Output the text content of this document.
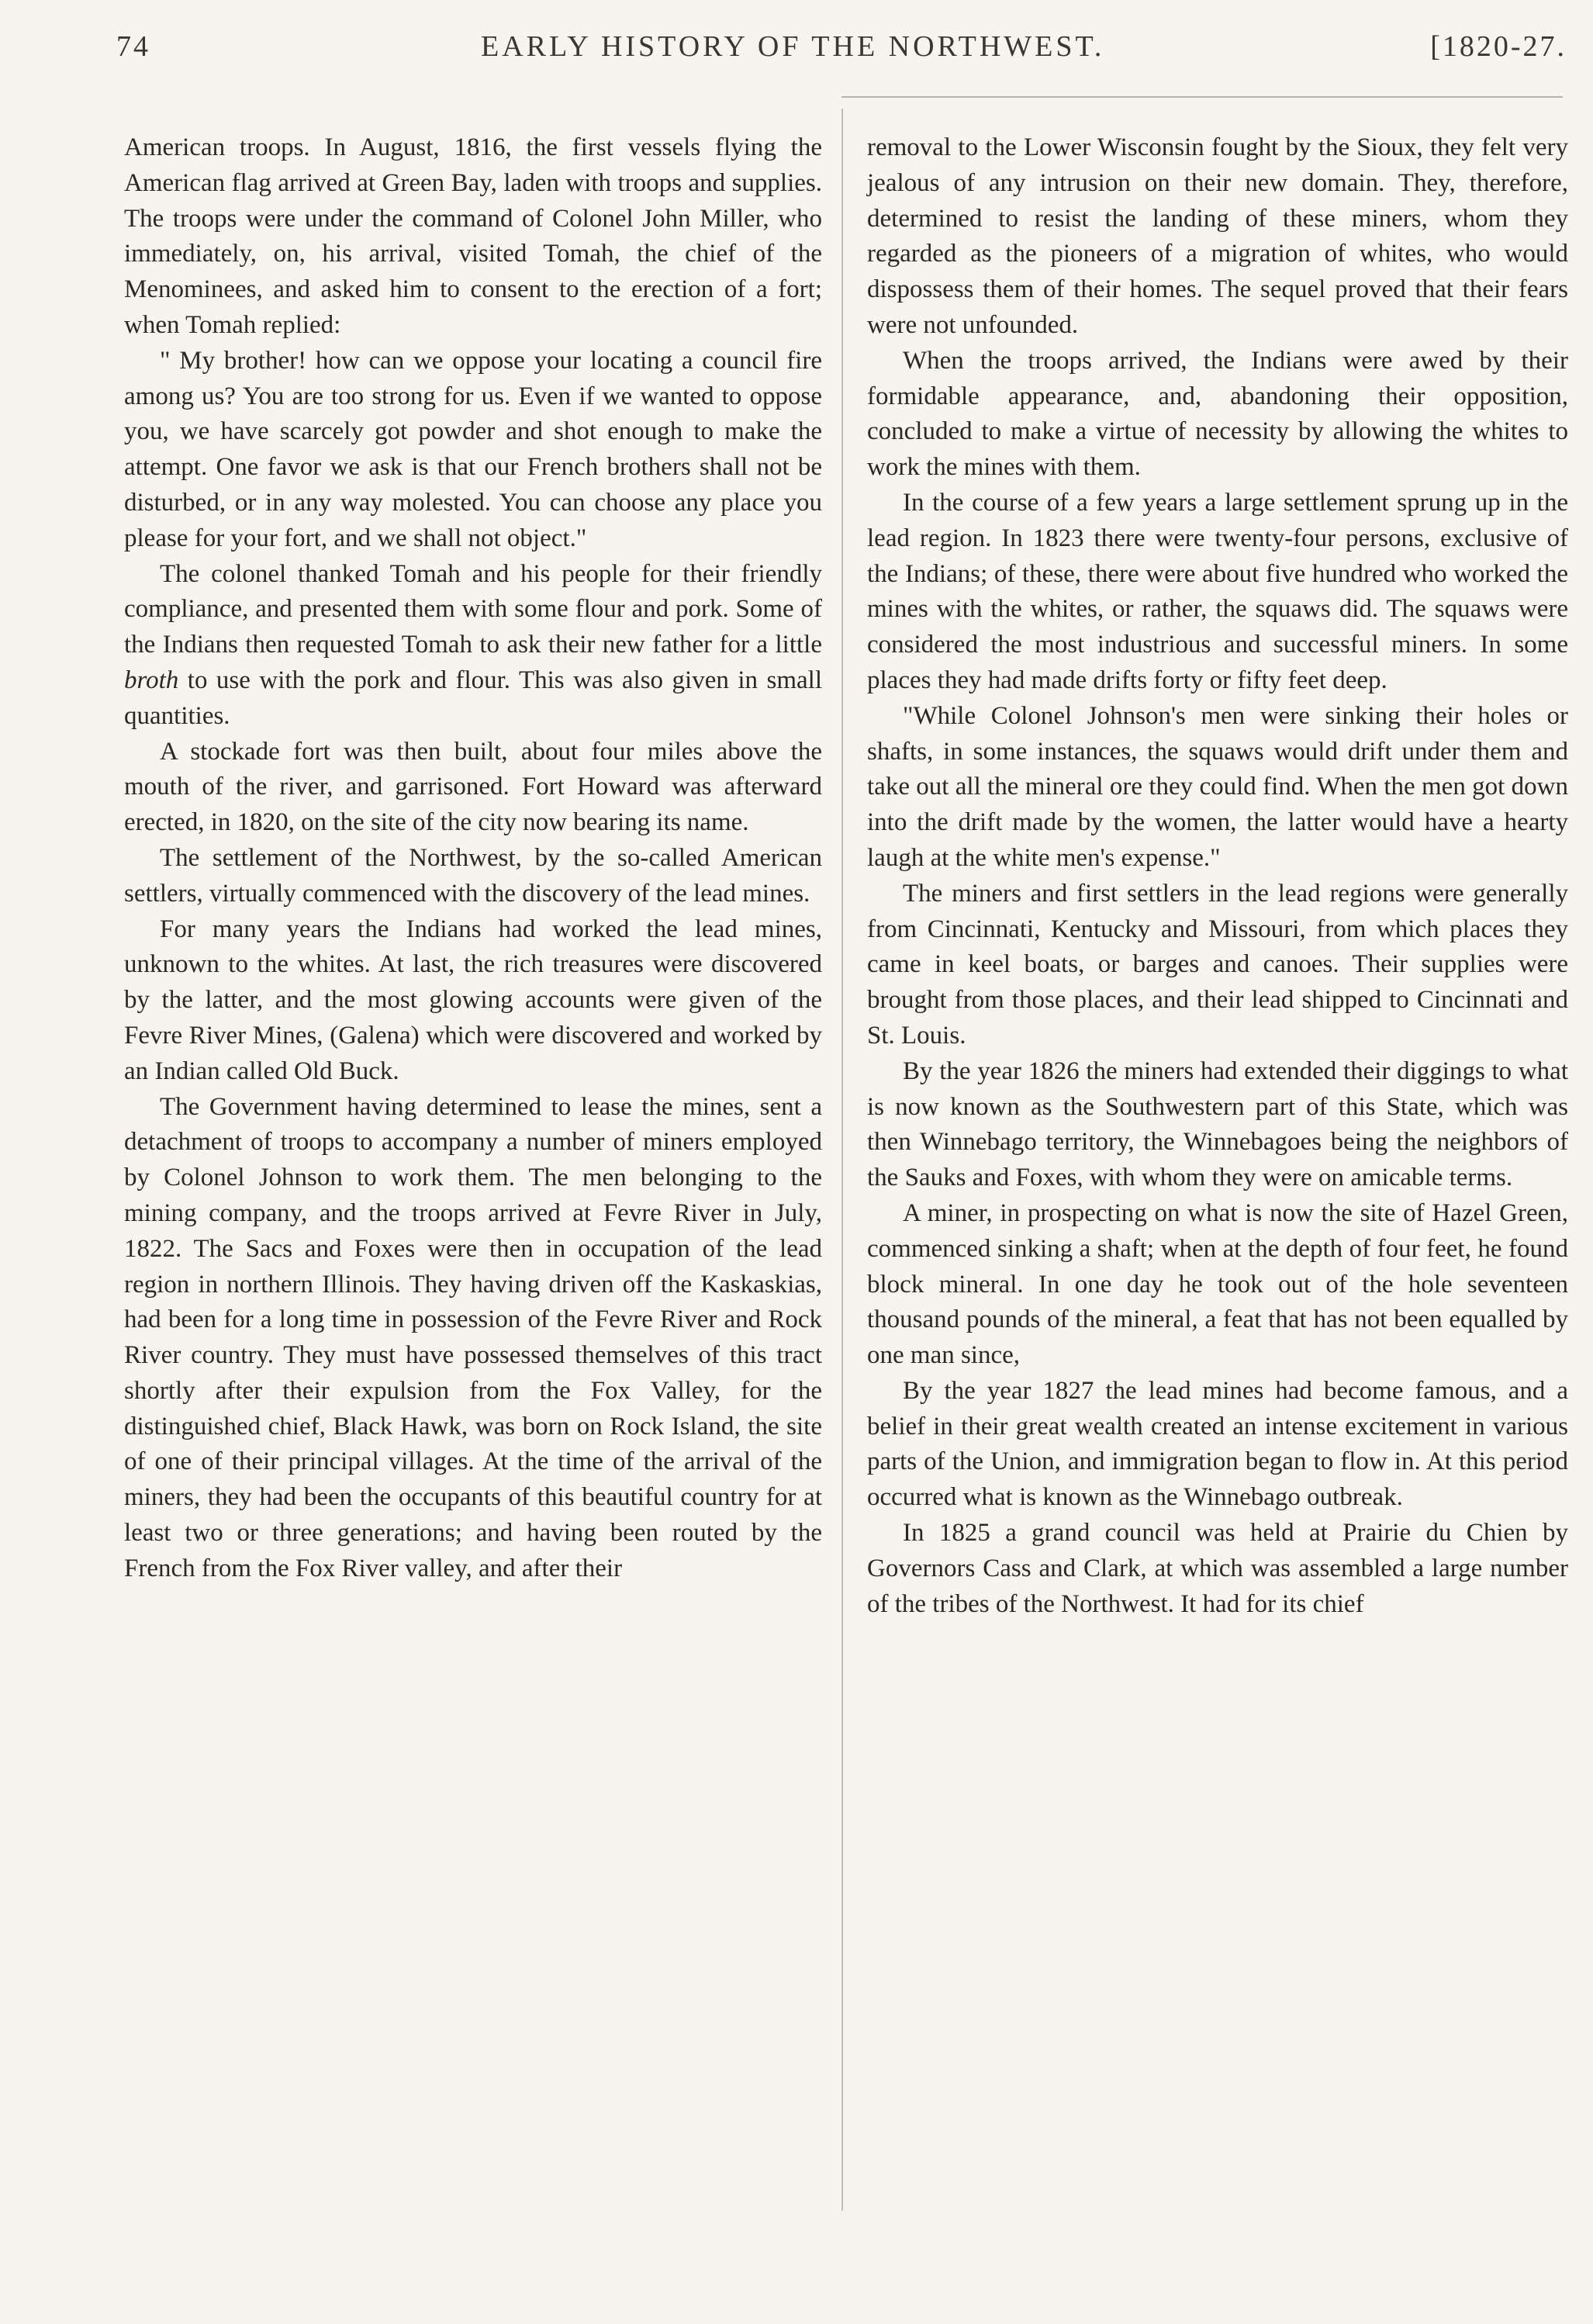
74	EARLY HISTORY OF THE NORTHWEST.	[1820-27.

American troops. In August, 1816, the first vessels flying the American flag arrived at Green Bay, laden with troops and supplies. The troops were under the command of Colonel John Miller, who immediately, on, his arrival, visited Tomah, the chief of the Menominees, and asked him to consent to the erection of a fort; when Tomah replied:

" My brother! how can we oppose your locating a council fire among us? You are too strong for us. Even if we wanted to oppose you, we have scarcely got powder and shot enough to make the attempt. One favor we ask is that our French brothers shall not be disturbed, or in any way molested. You can choose any place you please for your fort, and we shall not object."

The colonel thanked Tomah and his people for their friendly compliance, and presented them with some flour and pork. Some of the Indians then requested Tomah to ask their new father for a little broth to use with the pork and flour. This was also given in small quantities.

A stockade fort was then built, about four miles above the mouth of the river, and garrisoned. Fort Howard was afterward erected, in 1820, on the site of the city now bearing its name.

The settlement of the Northwest, by the so-called American settlers, virtually commenced with the discovery of the lead mines.

For many years the Indians had worked the lead mines, unknown to the whites. At last, the rich treasures were discovered by the latter, and the most glowing accounts were given of the Fevre River Mines, (Galena) which were discovered and worked by an Indian called Old Buck.

The Government having determined to lease the mines, sent a detachment of troops to accompany a number of miners employed by Colonel Johnson to work them. The men belonging to the mining company, and the troops arrived at Fevre River in July, 1822. The Sacs and Foxes were then in occupation of the lead region in northern Illinois. They having driven off the Kaskaskias, had been for a long time in possession of the Fevre River and Rock River country. They must have possessed themselves of this tract shortly after their expulsion from the Fox Valley, for the distinguished chief, Black Hawk, was born on Rock Island, the site of one of their principal villages. At the time of the arrival of the miners, they had been the occupants of this beautiful country for at least two or three generations; and having been routed by the French from the Fox River valley, and after their

removal to the Lower Wisconsin fought by the Sioux, they felt very jealous of any intrusion on their new domain. They, therefore, determined to resist the landing of these miners, whom they regarded as the pioneers of a migration of whites, who would dispossess them of their homes. The sequel proved that their fears were not unfounded.

When the troops arrived, the Indians were awed by their formidable appearance, and, abandoning their opposition, concluded to make a virtue of necessity by allowing the whites to work the mines with them.

In the course of a few years a large settlement sprung up in the lead region. In 1823 there were twenty-four persons, exclusive of the Indians; of these, there were about five hundred who worked the mines with the whites, or rather, the squaws did. The squaws were considered the most industrious and successful miners. In some places they had made drifts forty or fifty feet deep.

"While Colonel Johnson's men were sinking their holes or shafts, in some instances, the squaws would drift under them and take out all the mineral ore they could find. When the men got down into the drift made by the women, the latter would have a hearty laugh at the white men's expense."

The miners and first settlers in the lead regions were generally from Cincinnati, Kentucky and Missouri, from which places they came in keel boats, or barges and canoes. Their supplies were brought from those places, and their lead shipped to Cincinnati and St. Louis.

By the year 1826 the miners had extended their diggings to what is now known as the Southwestern part of this State, which was then Winnebago territory, the Winnebagoes being the neighbors of the Sauks and Foxes, with whom they were on amicable terms.

A miner, in prospecting on what is now the site of Hazel Green, commenced sinking a shaft; when at the depth of four feet, he found block mineral. In one day he took out of the hole seventeen thousand pounds of the mineral, a feat that has not been equalled by one man since,

By the year 1827 the lead mines had become famous, and a belief in their great wealth created an intense excitement in various parts of the Union, and immigration began to flow in. At this period occurred what is known as the Winnebago outbreak.

In 1825 a grand council was held at Prairie du Chien by Governors Cass and Clark, at which was assembled a large number of the tribes of the Northwest. It had for its chief
